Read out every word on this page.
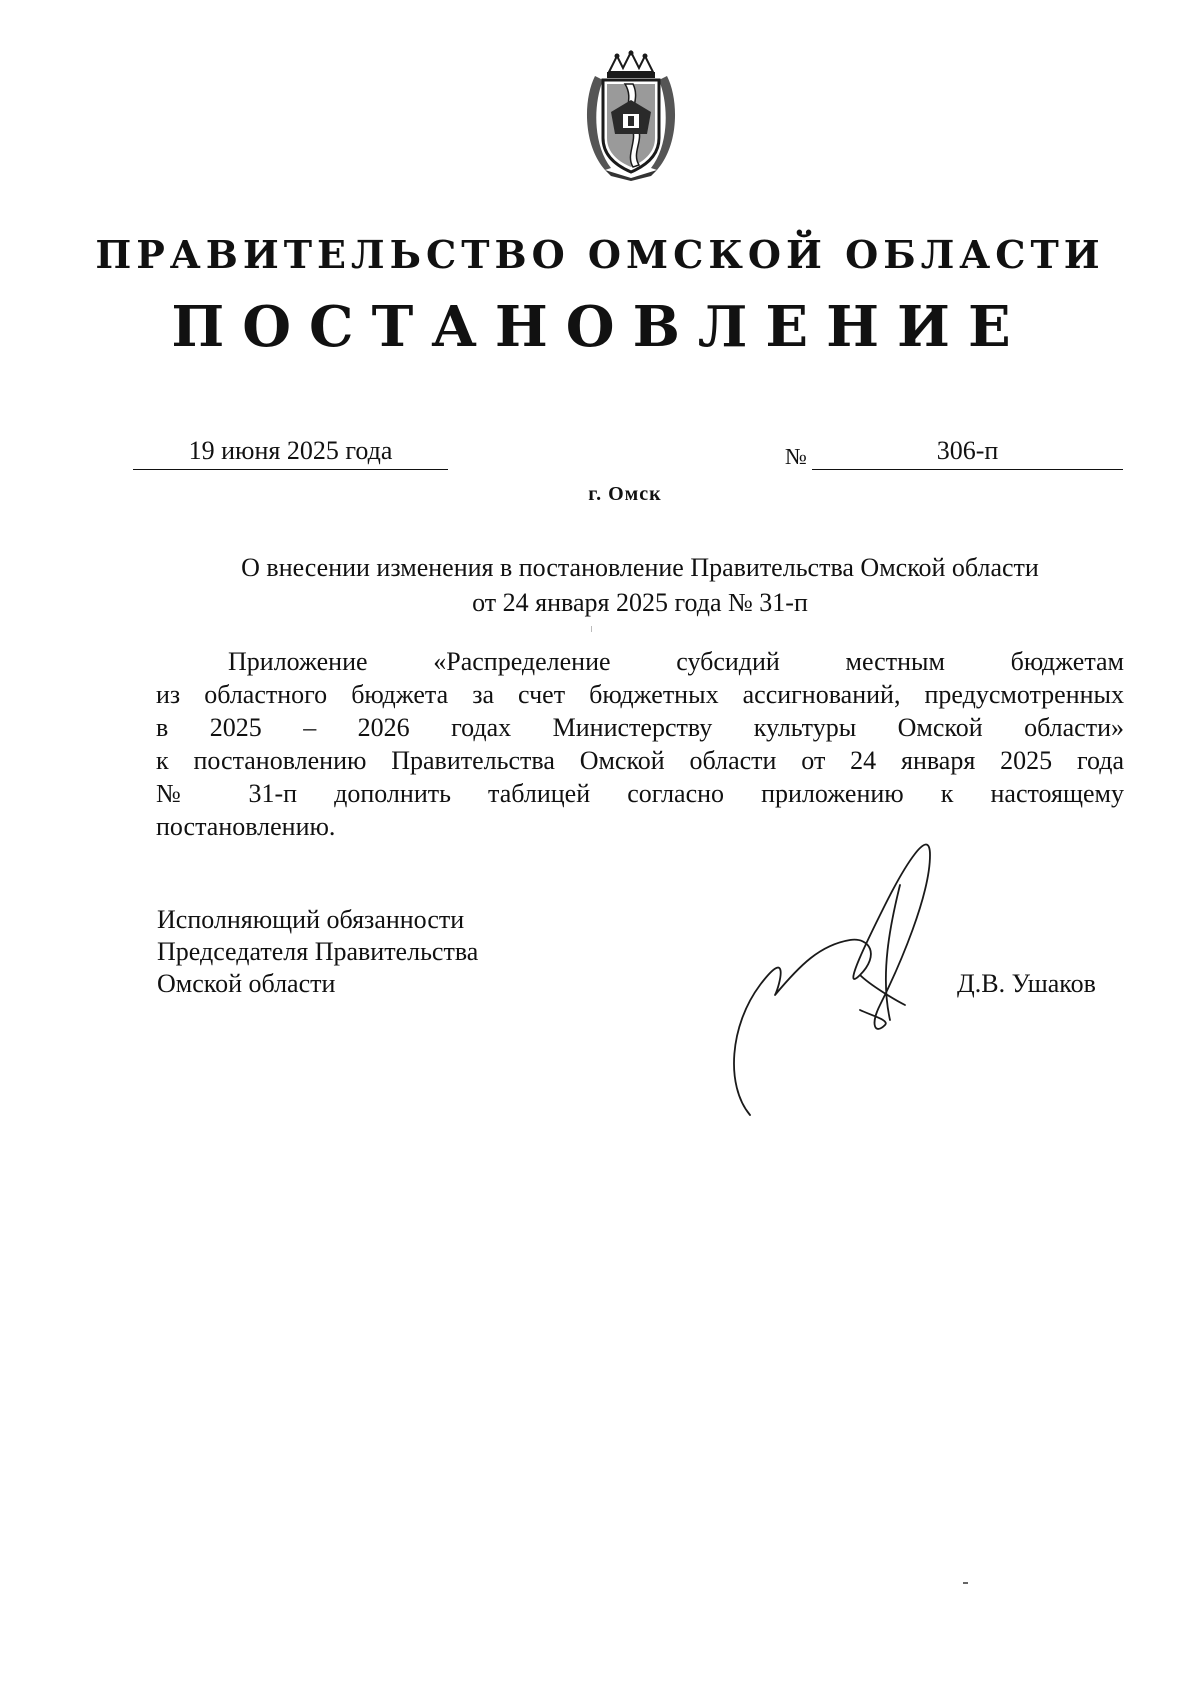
ПРАВИТЕЛЬСТВО ОМСКОЙ ОБЛАСТИ
ПОСТАНОВЛЕНИЕ
19 июня 2025 года	№	306-п
г. Омск
О внесении изменения в постановление Правительства Омской области
от 24 января 2025 года № 31-п
Приложение «Распределение субсидий местным бюджетам
из областного бюджета за счет бюджетных ассигнований, предусмотренных
в 2025 – 2026 годах Министерству культуры Омской области»
к постановлению Правительства Омской области от 24 января 2025 года
№ 31-п дополнить таблицей согласно приложению к настоящему
постановлению.
Исполняющий обязанности
Председателя Правительства
Омской области	Д.В. Ушаков
